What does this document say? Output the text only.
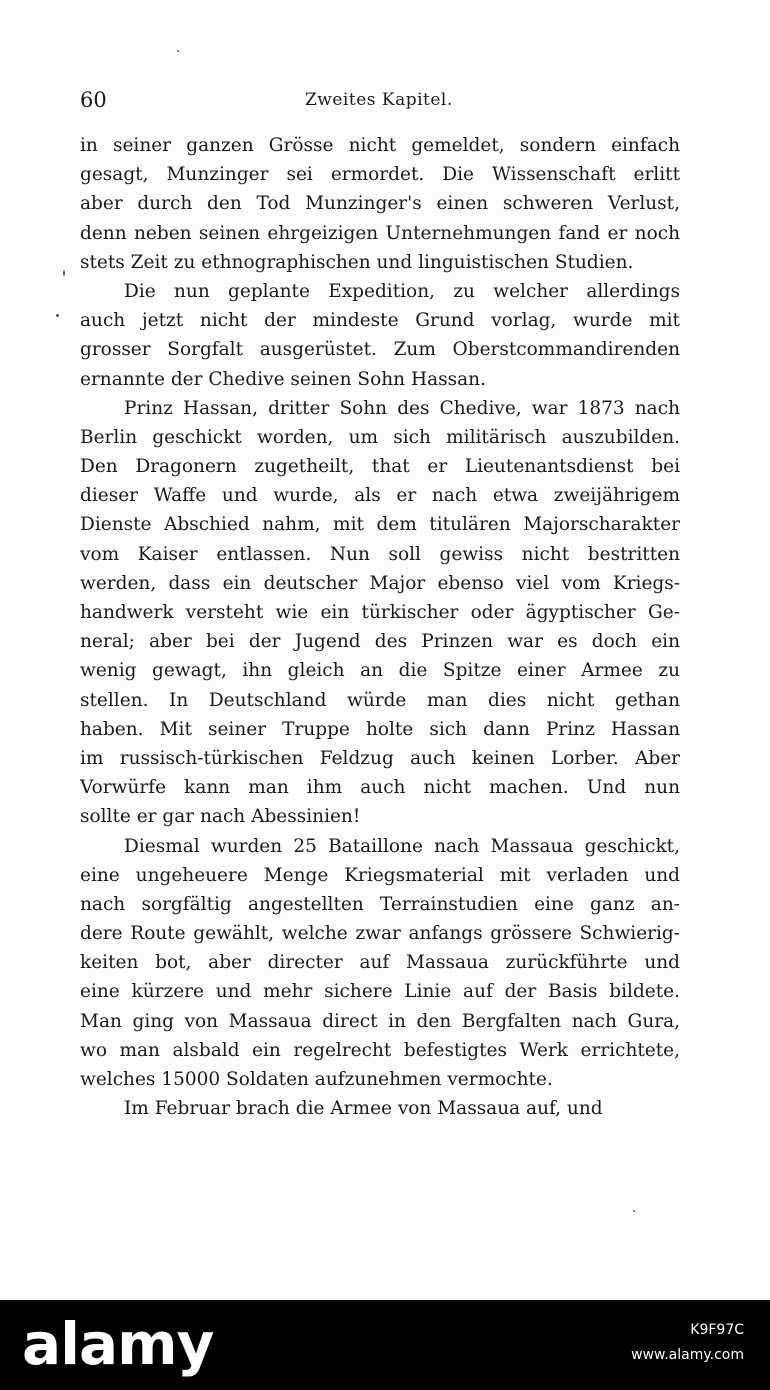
60	Zweites Kapitel.
in seiner ganzen Grösse nicht gemeldet, sondern einfach
gesagt, Munzinger sei ermordet. Die Wissenschaft erlitt
aber durch den Tod Munzinger's einen schweren Verlust,
denn neben seinen ehrgeizigen Unternehmungen fand er noch
stets Zeit zu ethnographischen und linguistischen Studien.
Die nun geplante Expedition, zu welcher allerdings
auch jetzt nicht der mindeste Grund vorlag, wurde mit
grosser Sorgfalt ausgerüstet. Zum Oberstcommandirenden
ernannte der Chedive seinen Sohn Hassan.
Prinz Hassan, dritter Sohn des Chedive, war 1873 nach
Berlin geschickt worden, um sich militärisch auszubilden.
Den Dragonern zugetheilt, that er Lieutenantsdienst bei
dieser Waffe und wurde, als er nach etwa zweijährigem
Dienste Abschied nahm, mit dem titulären Majorscharakter
vom Kaiser entlassen. Nun soll gewiss nicht bestritten
werden, dass ein deutscher Major ebenso viel vom Kriegs-
handwerk versteht wie ein türkischer oder ägyptischer Ge-
neral; aber bei der Jugend des Prinzen war es doch ein
wenig gewagt, ihn gleich an die Spitze einer Armee zu
stellen. In Deutschland würde man dies nicht gethan
haben. Mit seiner Truppe holte sich dann Prinz Hassan
im russisch-türkischen Feldzug auch keinen Lorber. Aber
Vorwürfe kann man ihm auch nicht machen. Und nun
sollte er gar nach Abessinien!
Diesmal wurden 25 Bataillone nach Massaua geschickt,
eine ungeheuere Menge Kriegsmaterial mit verladen und
nach sorgfältig angestellten Terrainstudien eine ganz an-
dere Route gewählt, welche zwar anfangs grössere Schwierig-
keiten bot, aber directer auf Massaua zurückführte und
eine kürzere und mehr sichere Linie auf der Basis bildete.
Man ging von Massaua direct in den Bergfalten nach Gura,
wo man alsbald ein regelrecht befestigtes Werk errichtete,
welches 15000 Soldaten aufzunehmen vermochte.
Im Februar brach die Armee von Massaua auf, und
alamy	K9F97C
www.alamy.com
